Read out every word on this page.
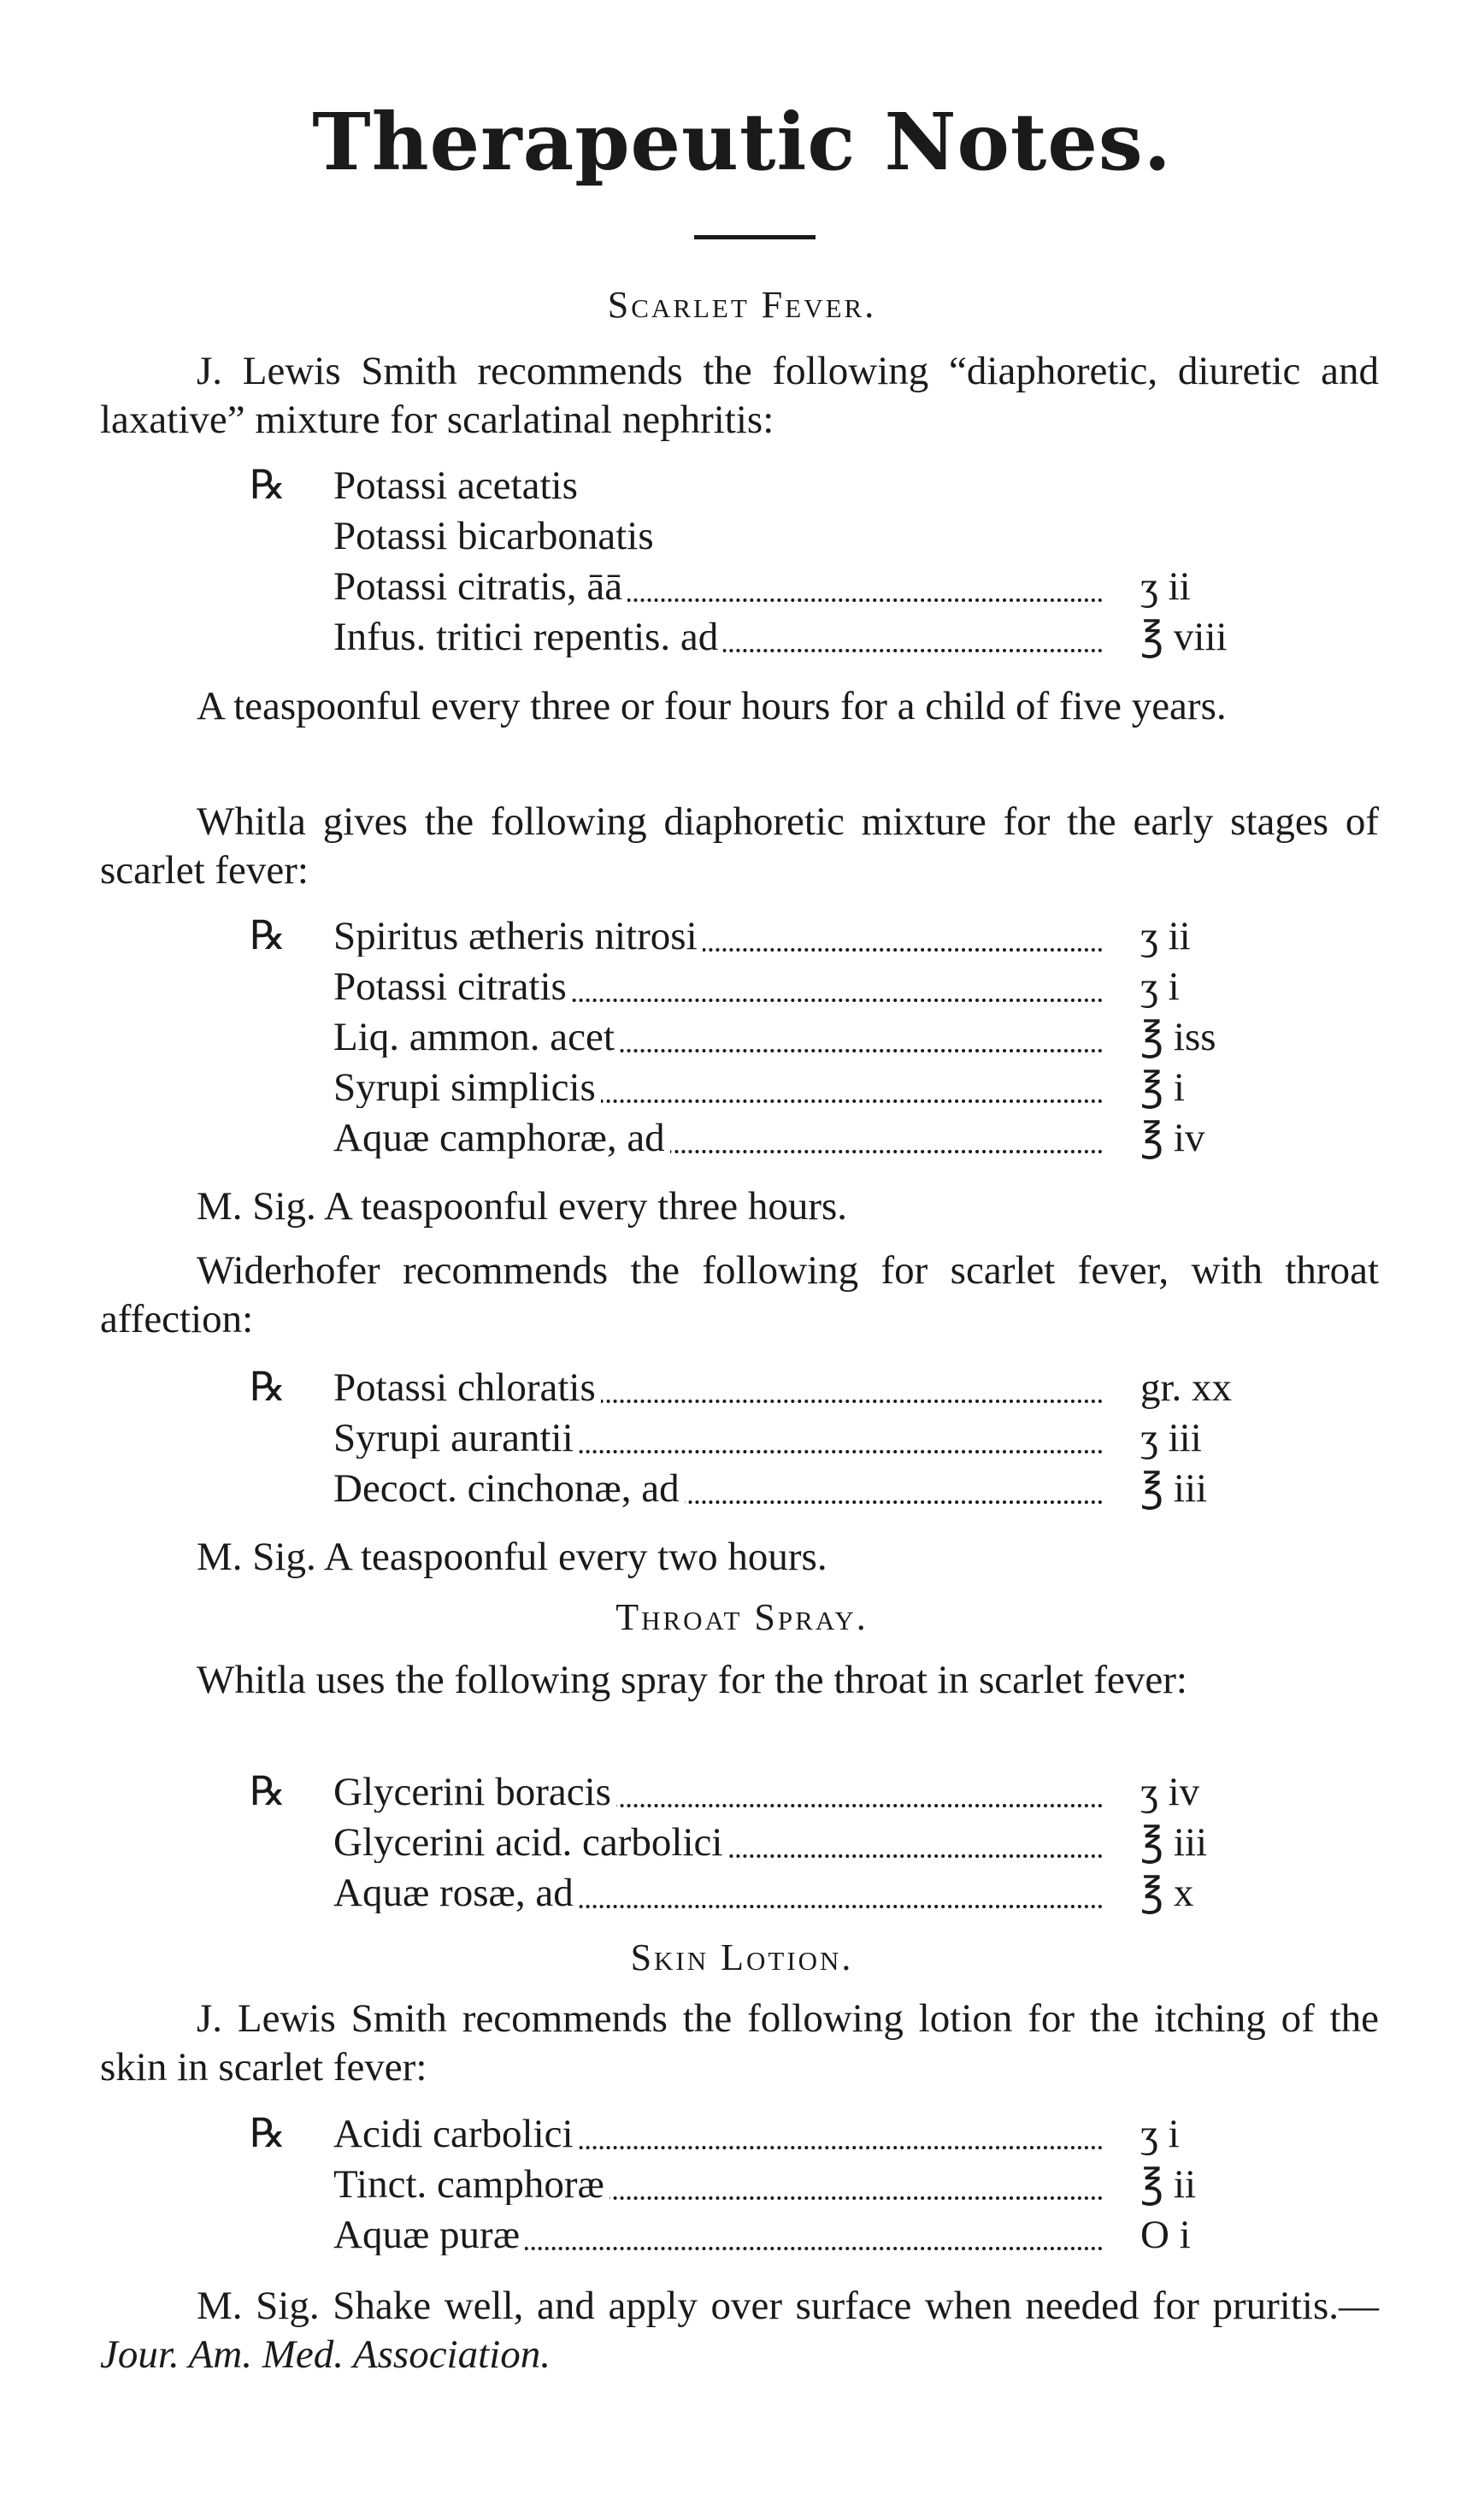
Therapeutic Notes.
Scarlet Fever.

J. Lewis Smith recommends the following “diaphoretic, diuretic and laxative” mixture for scarlatinal nephritis:

℞ Potassi acetatis
Potassi bicarbonatis
Potassi citratis, āā	ʒ ii
Infus. tritici repentis. ad	℥ viii

A teaspoonful every three or four hours for a child of five years.

Whitla gives the following diaphoretic mixture for the early stages of scarlet fever:

℞ Spiritus ætheris nitrosi	ʒ ii
Potassi citratis	ʒ i
Liq. ammon. acet	℥ iss
Syrupi simplicis	℥ i
Aquæ camphoræ, ad	℥ iv
M. Sig. A teaspoonful every three hours.

Widerhofer recommends the following for scarlet fever, with throat affection:

℞ Potassi chloratis	gr. xx
Syrupi aurantii	ʒ iii
Decoct. cinchonæ, ad	℥ iii
M. Sig. A teaspoonful every two hours.
Throat Spray.

Whitla uses the following spray for the throat in scarlet fever:

℞ Glycerini boracis	ʒ iv
Glycerini acid. carbolici	℥ iii
Aquæ rosæ, ad	℥ x
Skin Lotion.

J. Lewis Smith recommends the following lotion for the itching of the skin in scarlet fever:

℞ Acidi carbolici	ʒ i
Tinct. camphoræ	℥ ii
Aquæ puræ	O i

M. Sig. Shake well, and apply over surface when needed for pruritis.—Jour. Am. Med. Association.
